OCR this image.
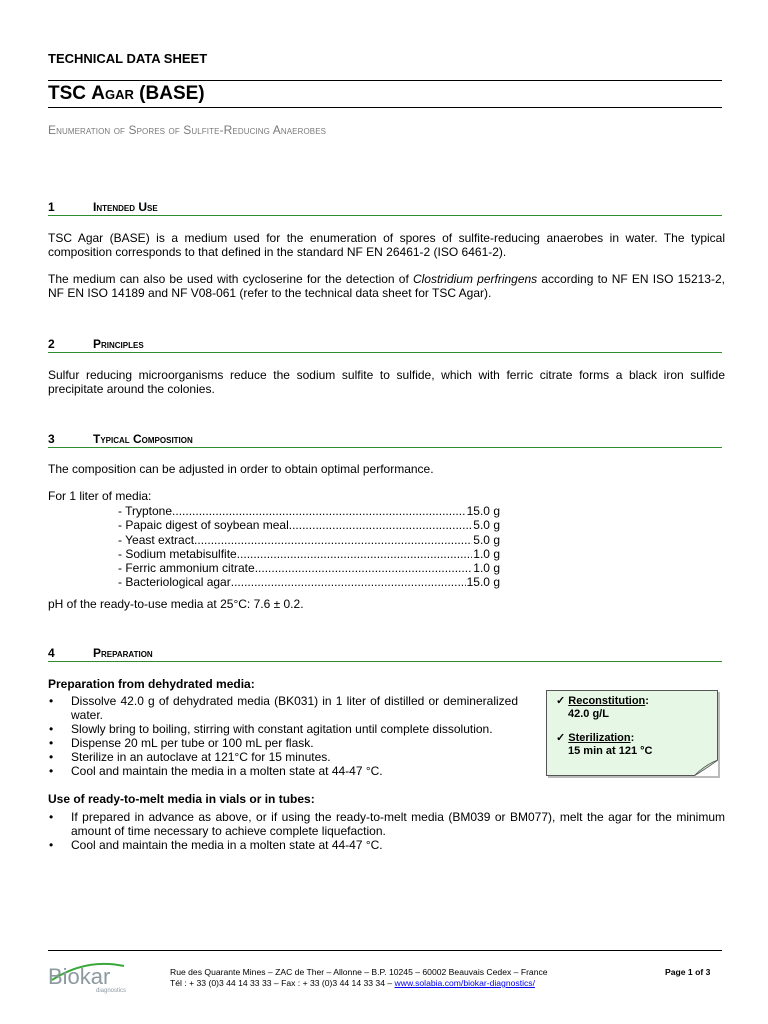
TECHNICAL DATA SHEET
TSC Agar (BASE)
Enumeration of Spores of Sulfite-Reducing Anaerobes
1	Intended Use
TSC Agar (BASE) is a medium used for the enumeration of spores of sulfite-reducing anaerobes in water. The typical composition corresponds to that defined in the standard NF EN 26461-2 (ISO 6461-2).
The medium can also be used with cycloserine for the detection of Clostridium perfringens according to NF EN ISO 15213-2, NF EN ISO 14189 and NF V08-061 (refer to the technical data sheet for TSC Agar).
2	Principles
Sulfur reducing microorganisms reduce the sodium sulfite to sulfide, which with ferric citrate forms a black iron sulfide precipitate around the colonies.
3	Typical Composition
The composition can be adjusted in order to obtain optimal performance.
For 1 liter of media:
- Tryptone .....	15.0 g
- Papaic digest of soybean meal .....	5.0 g
- Yeast extract .....	5.0 g
- Sodium metabisulfite .....	1.0 g
- Ferric ammonium citrate .....	1.0 g
- Bacteriological agar .....	15.0 g
pH of the ready-to-use media at 25°C: 7.6 ± 0.2.
4	Preparation
Preparation from dehydrated media:
• Dissolve 42.0 g of dehydrated media (BK031) in 1 liter of distilled or demineralized water.
• Slowly bring to boiling, stirring with constant agitation until complete dissolution.
• Dispense 20 mL per tube or 100 mL per flask.
• Sterilize in an autoclave at 121°C for 15 minutes.
• Cool and maintain the media in a molten state at 44-47 °C.
✓ Reconstitution:
42.0 g/L
✓ Sterilization:
15 min at 121 °C
Use of ready-to-melt media in vials or in tubes:
• If prepared in advance as above, or if using the ready-to-melt media (BM039 or BM077), melt the agar for the minimum amount of time necessary to achieve complete liquefaction.
• Cool and maintain the media in a molten state at 44-47 °C.
Biokar
diagnostics
Rue des Quarante Mines – ZAC de Ther – Allonne – B.P. 10245 – 60002 Beauvais Cedex – France
Tél : + 33 (0)3 44 14 33 33 – Fax : + 33 (0)3 44 14 33 34 – www.solabia.com/biokar-diagnostics/
Page 1 of 3
